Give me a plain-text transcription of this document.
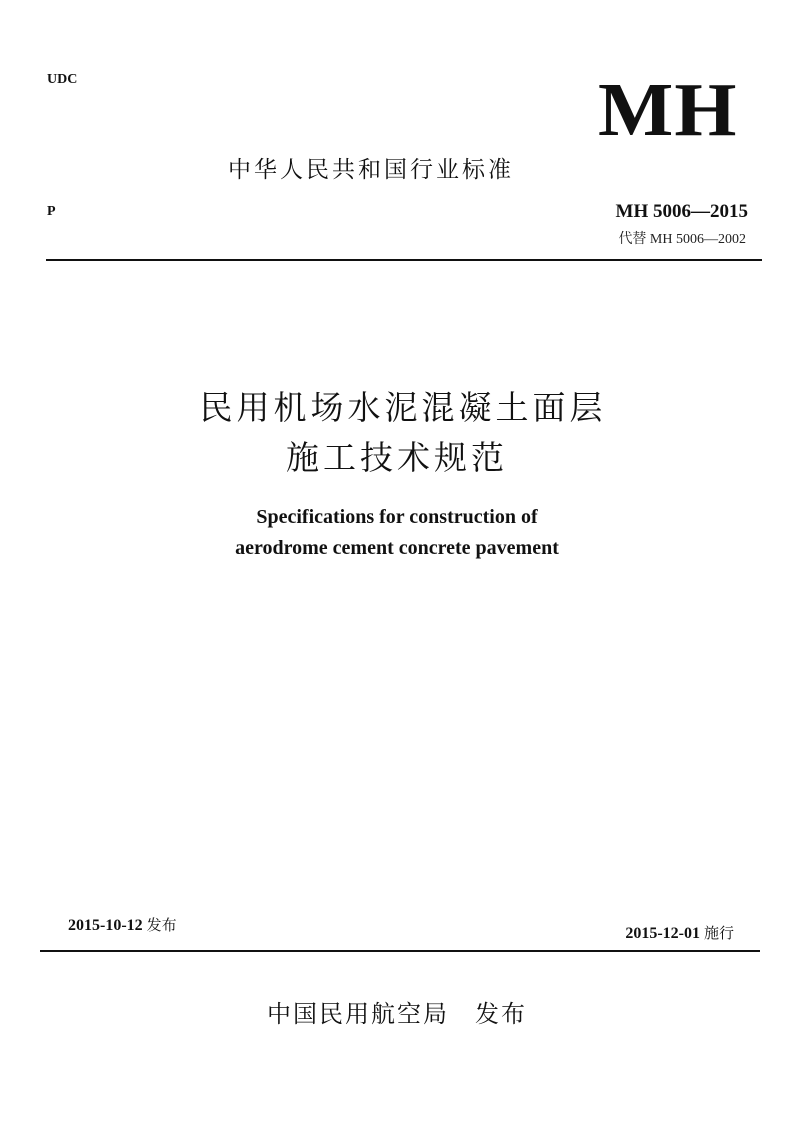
UDC	MH
中华人民共和国行业标准
P	MH 5006—2015
代替 MH 5006—2002
民用机场水泥混凝土面层
施工技术规范
Specifications for construction of
aerodrome cement concrete pavement
2015-10-12 发布	2015-12-01 施行
中国民用航空局　发布
